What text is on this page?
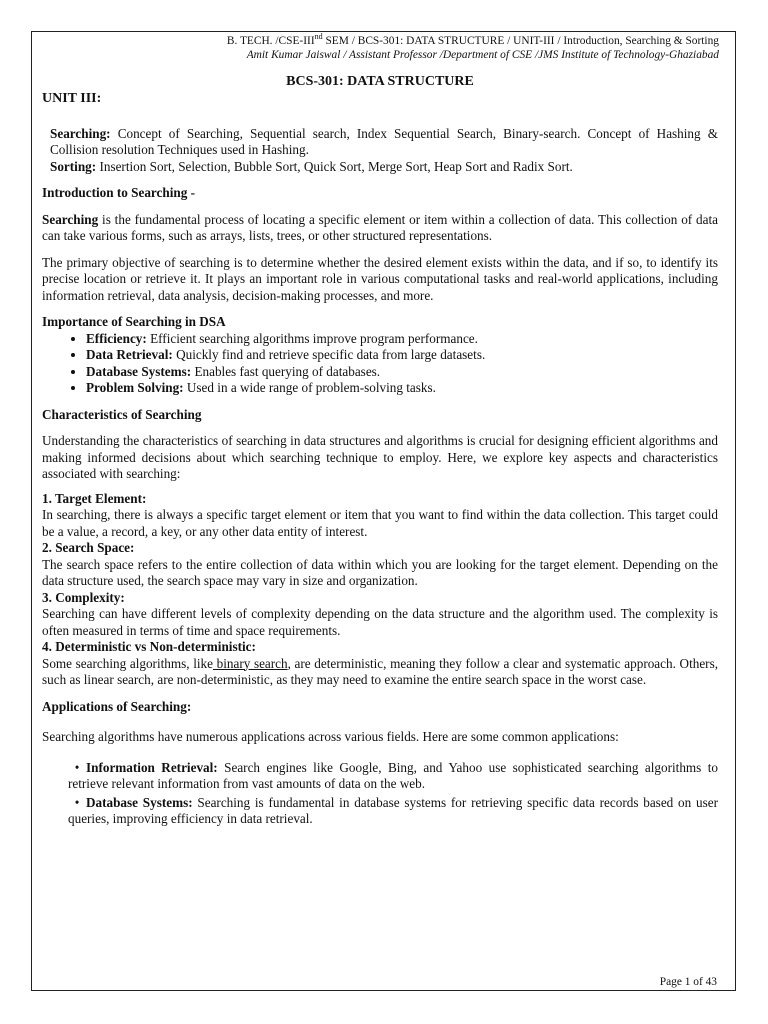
Page 1 of 43
B. TECH. /CSE-IIInd SEM / BCS-301: DATA STRUCTURE / UNIT-III / Introduction, Searching & Sorting
Amit Kumar Jaiswal / Assistant Professor /Department of CSE /JMS Institute of Technology-Ghaziabad
BCS-301: DATA STRUCTURE
UNIT III:

Searching: Concept of Searching, Sequential search, Index Sequential Search, Binary-search. Concept of Hashing & Collision resolution Techniques used in Hashing.

Sorting: Insertion Sort, Selection, Bubble Sort, Quick Sort, Merge Sort, Heap Sort and Radix Sort.

Introduction to Searching -

Searching is the fundamental process of locating a specific element or item within a collection of data. This collection of data can take various forms, such as arrays, lists, trees, or other structured representations.

The primary objective of searching is to determine whether the desired element exists within the data, and if so, to identify its precise location or retrieve it. It plays an important role in various computational tasks and real-world applications, including information retrieval, data analysis, decision-making processes, and more.

Importance of Searching in DSA

• Efficiency: Efficient searching algorithms improve program performance.
• Data Retrieval: Quickly find and retrieve specific data from large datasets.
• Database Systems: Enables fast querying of databases.
• Problem Solving: Used in a wide range of problem-solving tasks.

Characteristics of Searching

Understanding the characteristics of searching in data structures and algorithms is crucial for designing efficient algorithms and making informed decisions about which searching technique to employ. Here, we explore key aspects and characteristics associated with searching:

1. Target Element:

In searching, there is always a specific target element or item that you want to find within the data collection. This target could be a value, a record, a key, or any other data entity of interest.

2. Search Space:

The search space refers to the entire collection of data within which you are looking for the target element. Depending on the data structure used, the search space may vary in size and organization.

3. Complexity:

Searching can have different levels of complexity depending on the data structure and the algorithm used. The complexity is often measured in terms of time and space requirements.

4. Deterministic vs Non-deterministic:

Some searching algorithms, like binary search, are deterministic, meaning they follow a clear and systematic approach. Others, such as linear search, are non-deterministic, as they may need to examine the entire search space in the worst case.

Applications of Searching:

Searching algorithms have numerous applications across various fields. Here are some common applications:

• Information Retrieval: Search engines like Google, Bing, and Yahoo use sophisticated searching algorithms to retrieve relevant information from vast amounts of data on the web.
• Database Systems: Searching is fundamental in database systems for retrieving specific data records based on user queries, improving efficiency in data retrieval.
